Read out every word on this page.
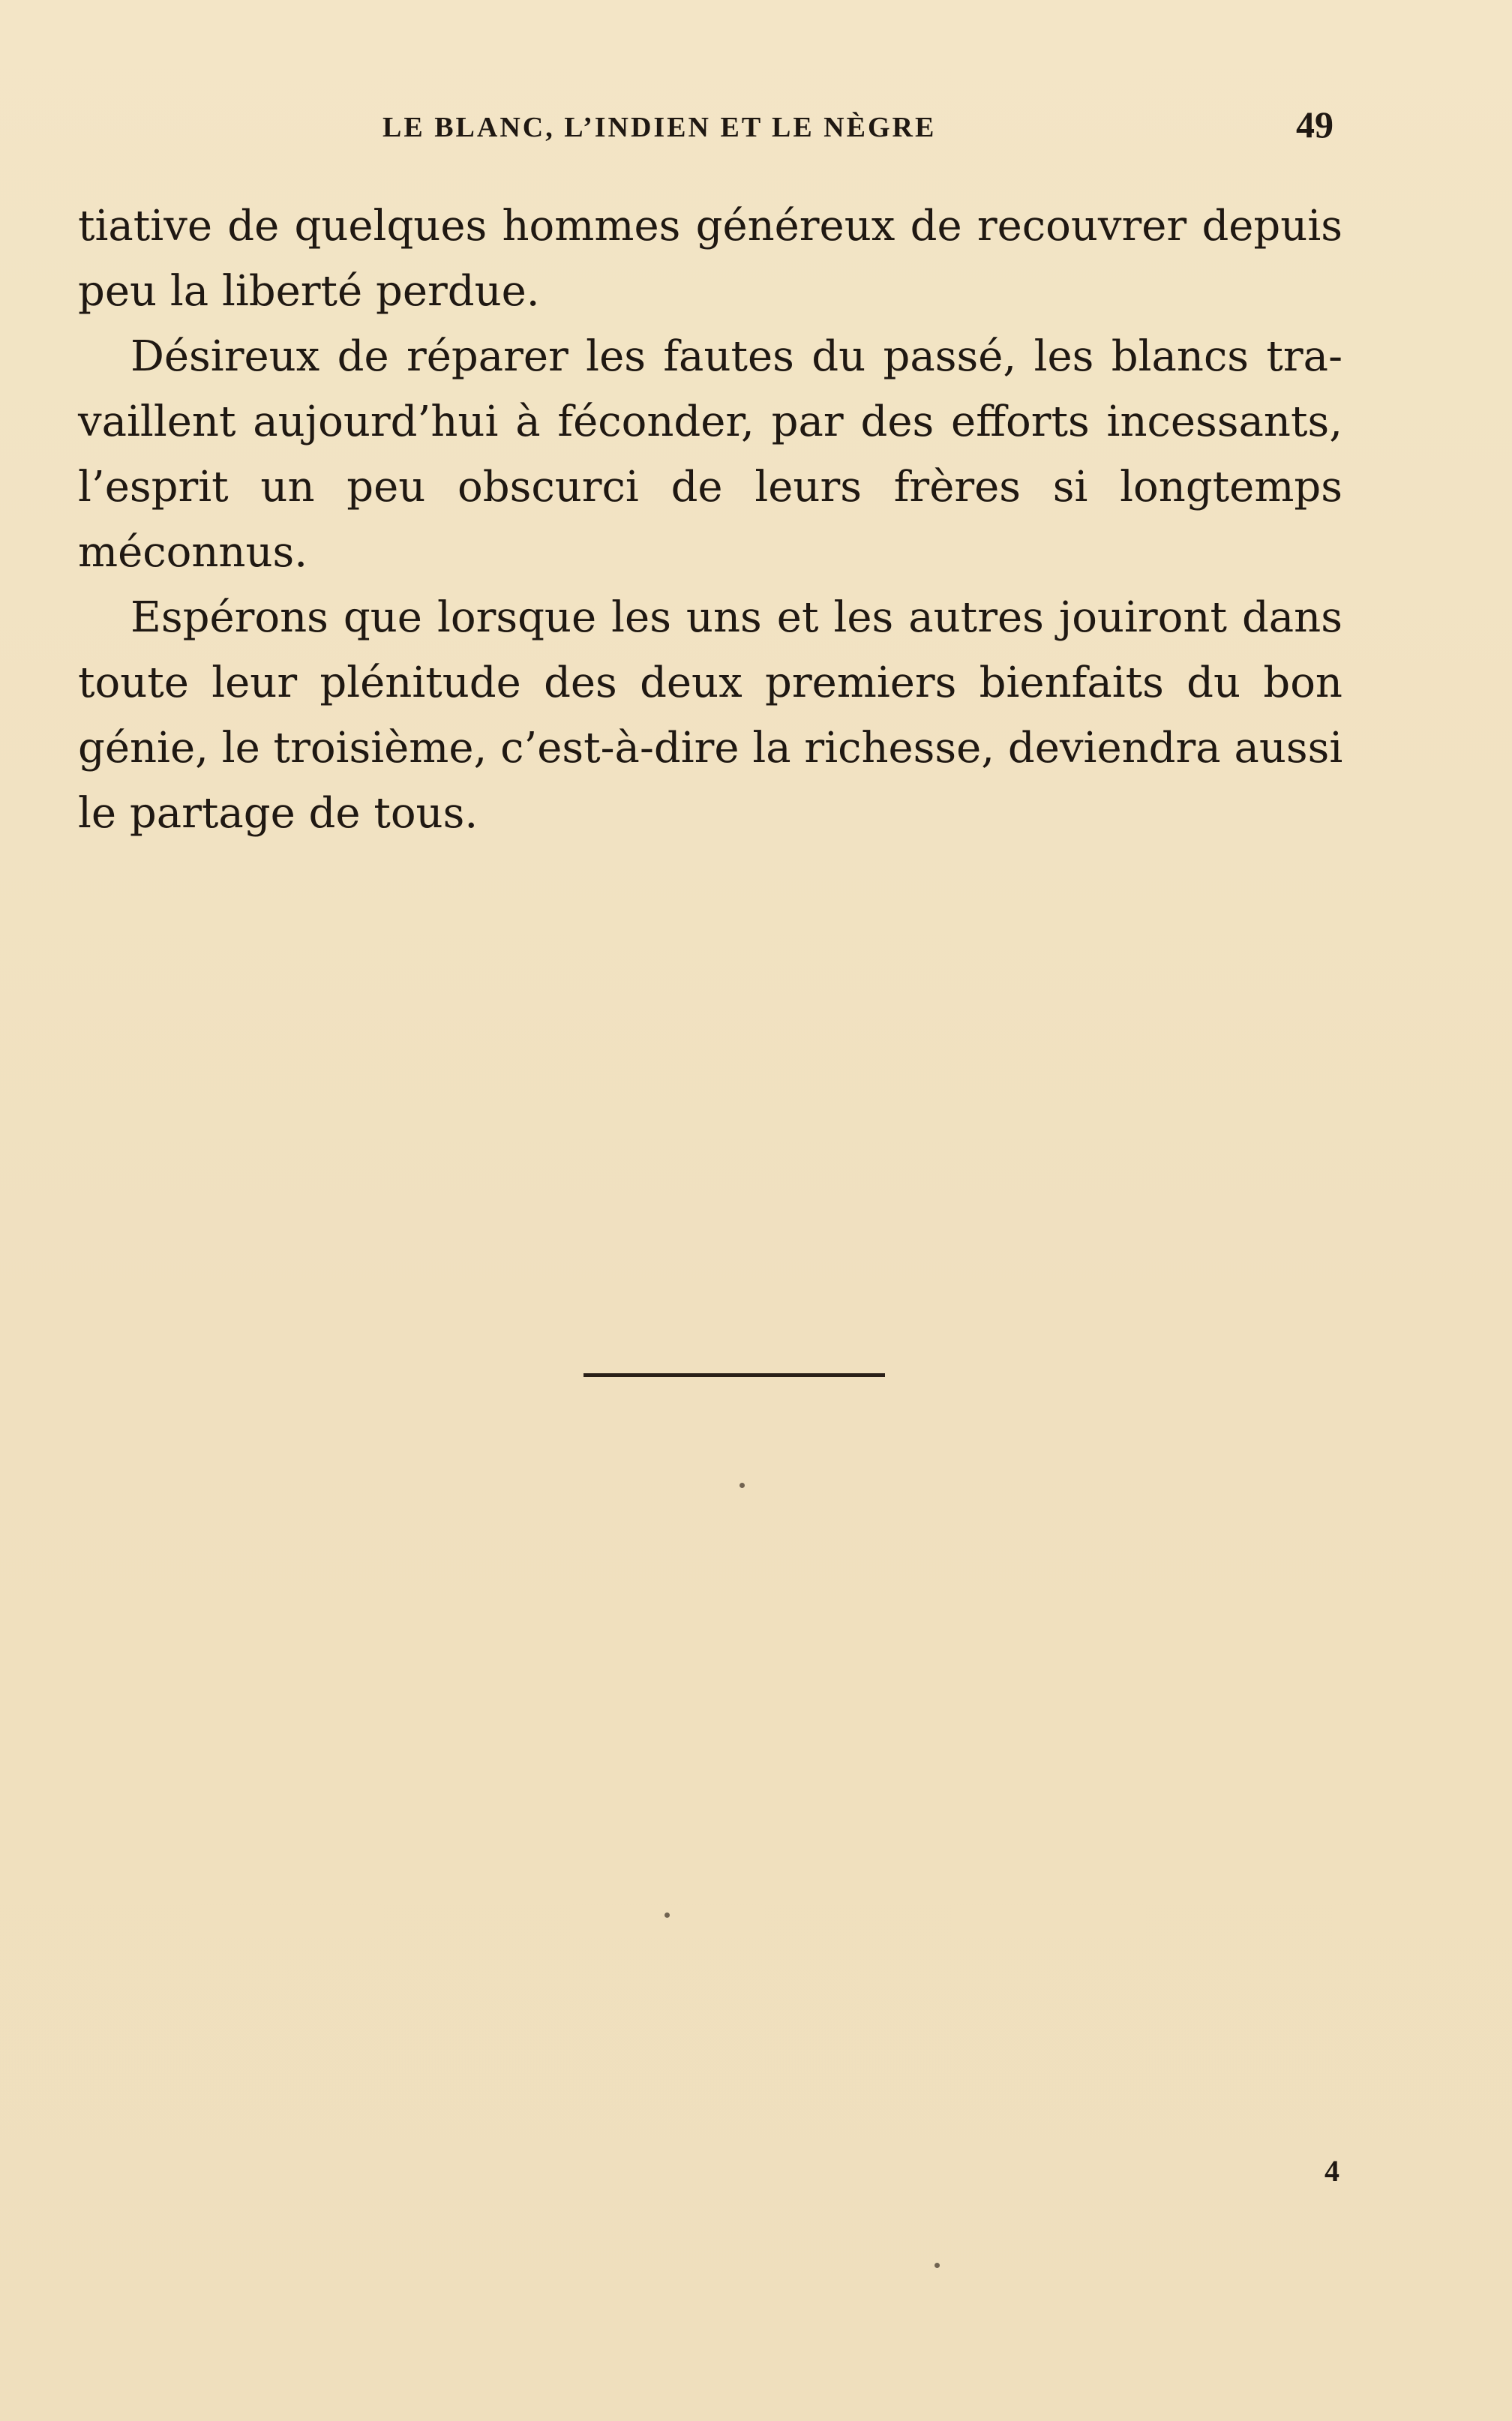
LE BLANC, L’INDIEN ET LE NÈGRE	49
tiative de quelques hommes généreux de recouvrer depuis
peu la liberté perdue.
Désireux de réparer les fautes du passé, les blancs tra-
vaillent aujourd’hui à féconder, par des efforts incessants,
l’esprit un peu obscurci de leurs frères si longtemps
méconnus.
Espérons que lorsque les uns et les autres jouiront dans
toute leur plénitude des deux premiers bienfaits du bon
génie, le troisième, c’est-à-dire la richesse, deviendra aussi
le partage de tous.
4
